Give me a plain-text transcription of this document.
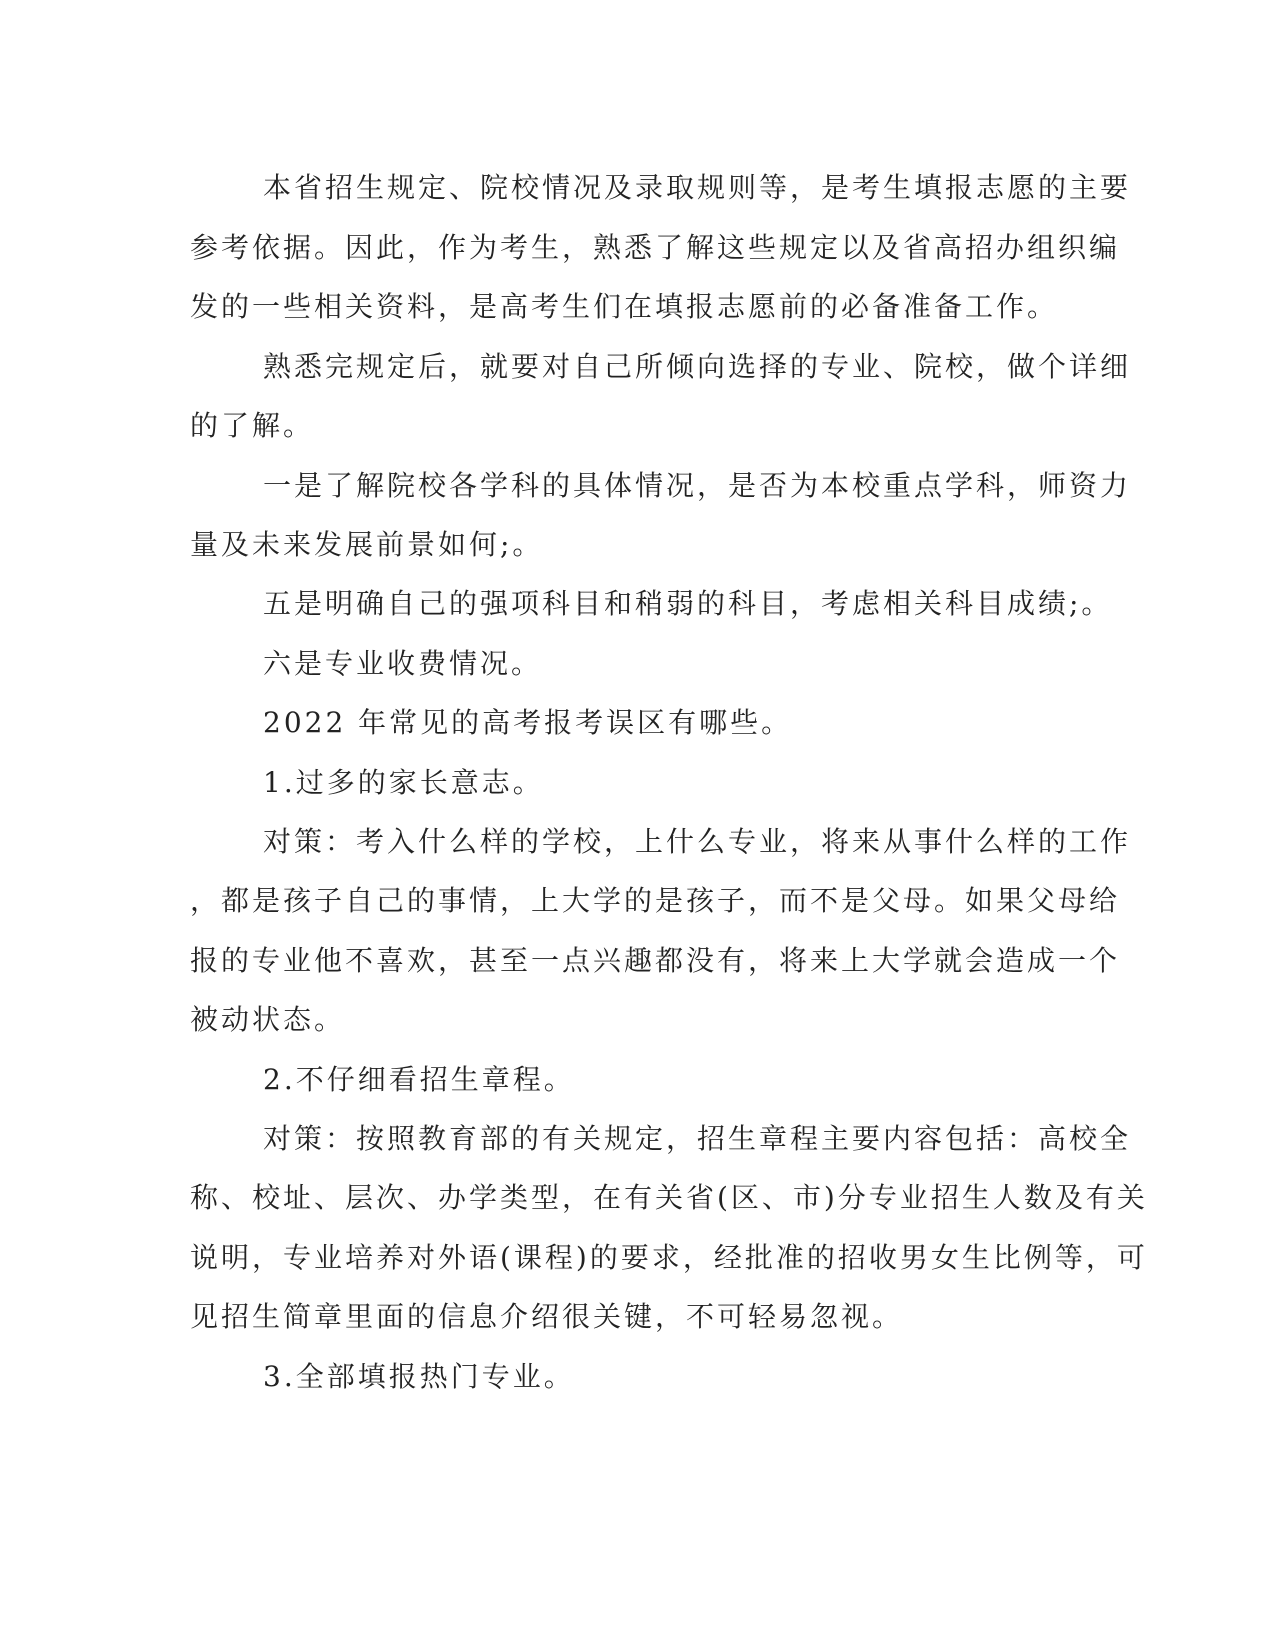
本省招生规定、院校情况及录取规则等，是考生填报志愿的主要

参考依据。因此，作为考生，熟悉了解这些规定以及省高招办组织编

发的一些相关资料，是高考生们在填报志愿前的必备准备工作。

熟悉完规定后，就要对自己所倾向选择的专业、院校，做个详细

的了解。

一是了解院校各学科的具体情况，是否为本校重点学科，师资力

量及未来发展前景如何;。

五是明确自己的强项科目和稍弱的科目，考虑相关科目成绩;。

六是专业收费情况。

2022 年常见的高考报考误区有哪些。

1.过多的家长意志。

对策：考入什么样的学校，上什么专业，将来从事什么样的工作

，都是孩子自己的事情，上大学的是孩子，而不是父母。如果父母给

报的专业他不喜欢，甚至一点兴趣都没有，将来上大学就会造成一个

被动状态。

2.不仔细看招生章程。

对策：按照教育部的有关规定，招生章程主要内容包括：高校全

称、校址、层次、办学类型，在有关省(区、市)分专业招生人数及有关

说明，专业培养对外语(课程)的要求，经批准的招收男女生比例等，可

见招生简章里面的信息介绍很关键，不可轻易忽视。

3.全部填报热门专业。
